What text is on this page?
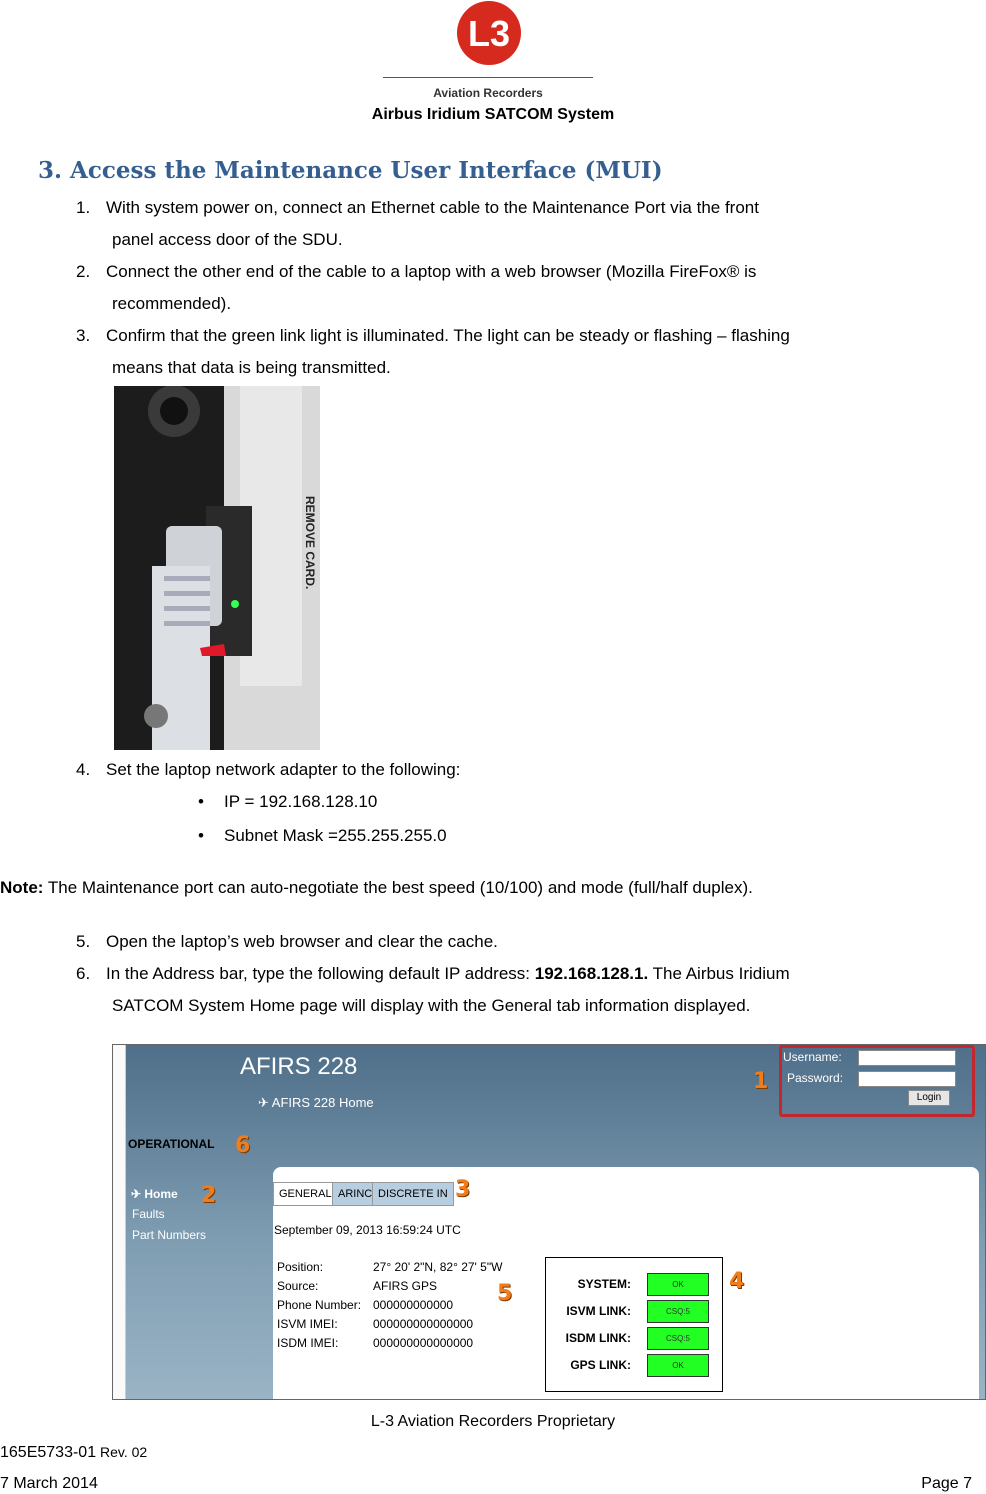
L3
Aviation Recorders
Airbus Iridium SATCOM System
3. Access the Maintenance User Interface (MUI)
1. With system power on, connect an Ethernet cable to the Maintenance Port via the front
panel access door of the SDU.
2. Connect the other end of the cable to a laptop with a web browser (Mozilla FireFox® is
recommended).
3. Confirm that the green link light is illuminated. The light can be steady or flashing – flashing
means that data is being transmitted.
REMOVE CARD.
4. Set the laptop network adapter to the following:
• IP = 192.168.128.10
• Subnet Mask =255.255.255.0
Note: The Maintenance port can auto-negotiate the best speed (10/100) and mode (full/half duplex).
5. Open the laptop’s web browser and clear the cache.
6. In the Address bar, type the following default IP address: 192.168.128.1. The Airbus Iridium
SATCOM System Home page will display with the General tab information displayed.
AFIRS 228
✈ AFIRS 228 Home
Username:
Password:
Login
1
OPERATIONAL 6
✈ Home
Faults
Part Numbers
2	GENERAL ARINC DISCRETE IN 3
September 09, 2013 16:59:24 UTC
Position:	27° 20' 2"N, 82° 27' 5"W
Source:	AFIRS GPS
Phone Number: 000000000000
ISVM IMEI:	000000000000000
ISDM IMEI:	000000000000000
5	SYSTEM:	OK
ISVM LINK:	CSQ:5
ISDM LINK:	CSQ:5
GPS LINK:	OK
4
L-3 Aviation Recorders Proprietary
165E5733-01 Rev. 02
7 March 2014	Page 7
